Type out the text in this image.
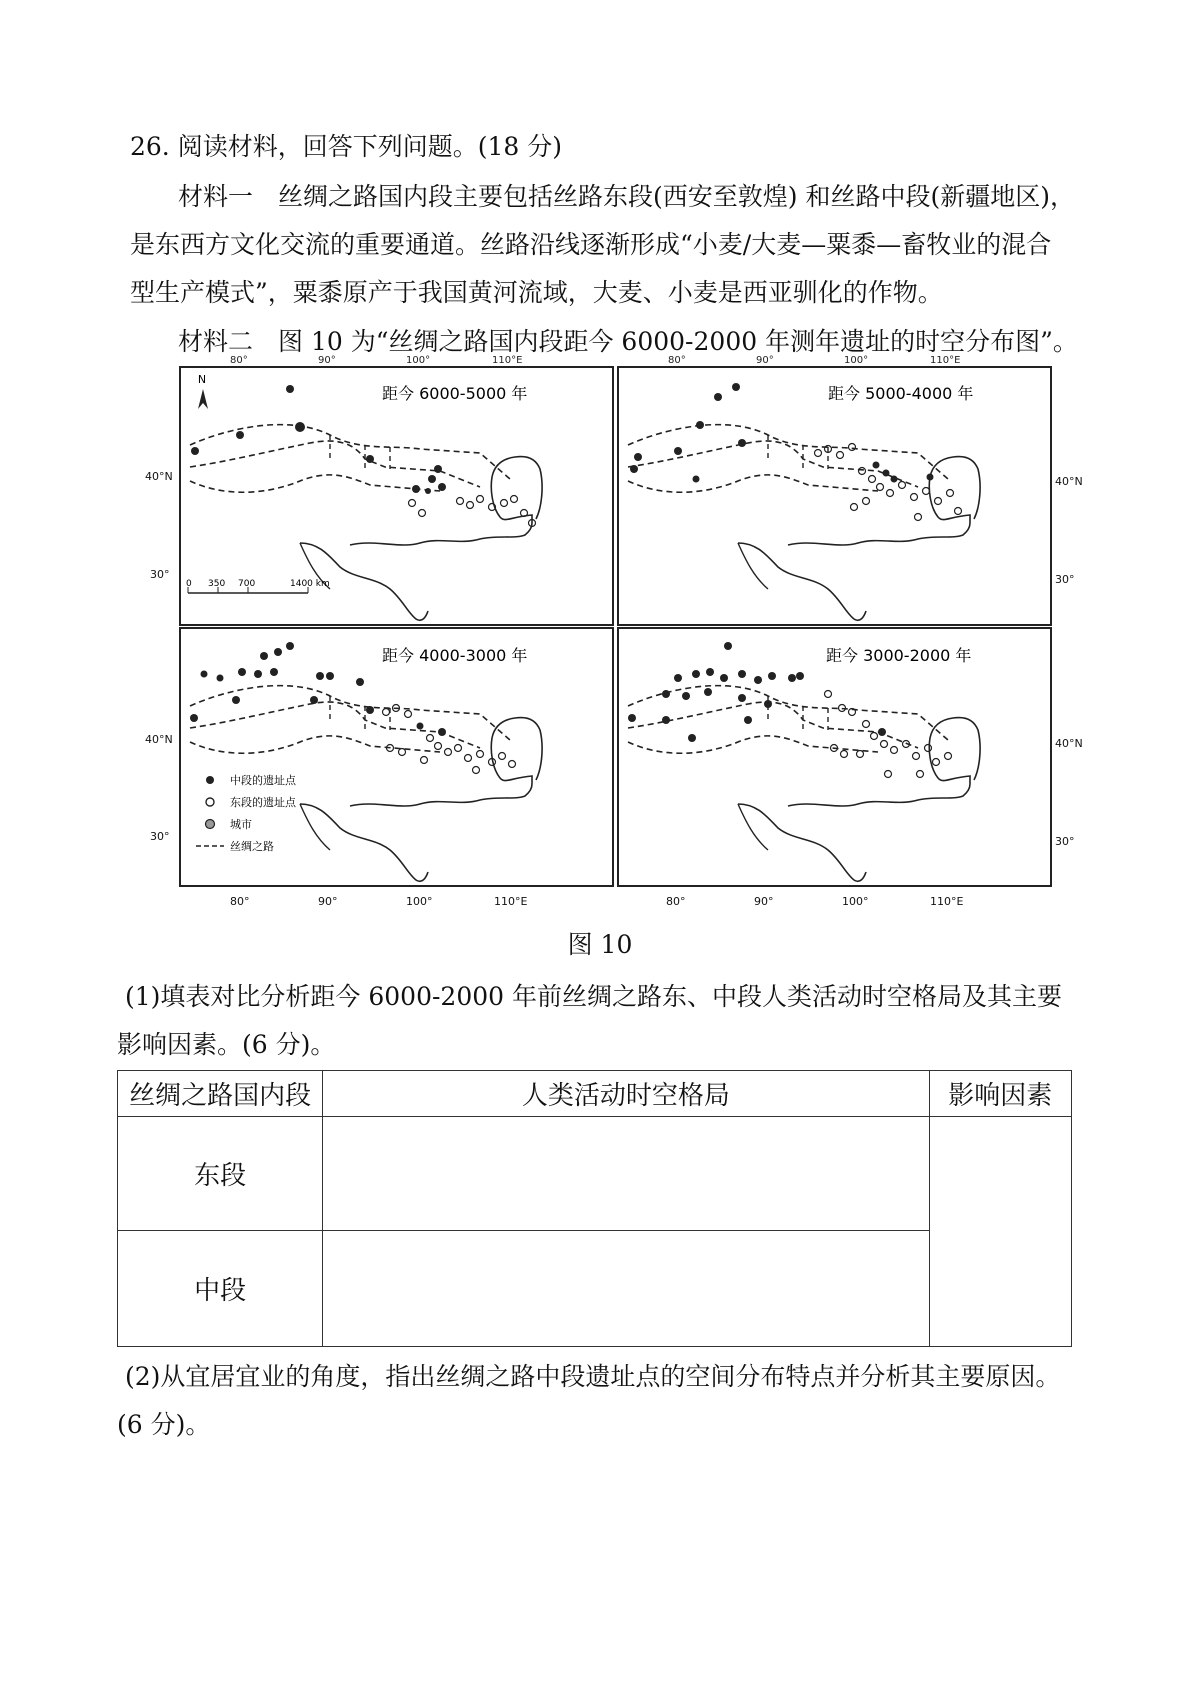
26. 阅读材料，回答下列问题。(18 分)
材料一　丝绸之路国内段主要包括丝路东段(西安至敦煌) 和丝路中段(新疆地区)，
是东西方文化交流的重要通道。丝路沿线逐渐形成“小麦/大麦—粟黍—畜牧业的混合
型生产模式”，粟黍原产于我国黄河流域，大麦、小麦是西亚驯化的作物。
材料二　图 10 为“丝绸之路国内段距今 6000-2000 年测年遗址的时空分布图”。
N
距今 6000-5000 年
0 350 700	1400 km
距今 5000-4000 年
距今 4000-3000 年
中段的遗址点
东段的遗址点
城市
丝绸之路
距今 3000-2000 年
80°	90°	100°	110°E	80°	90°	100°	110°E
80°	90°	100°	110°E	80°	90°	100°	110°E
40°N
30°
40°N
30°
40°N
30°
40°N
30°
图 10
(1)填表对比分析距今 6000-2000 年前丝绸之路东、中段人类活动时空格局及其主要
影响因素。(6 分)。
丝绸之路国内段	人类活动时空格局	影响因素
东段		
中段		
(2)从宜居宜业的角度，指出丝绸之路中段遗址点的空间分布特点并分析其主要原因。
(6 分)。
